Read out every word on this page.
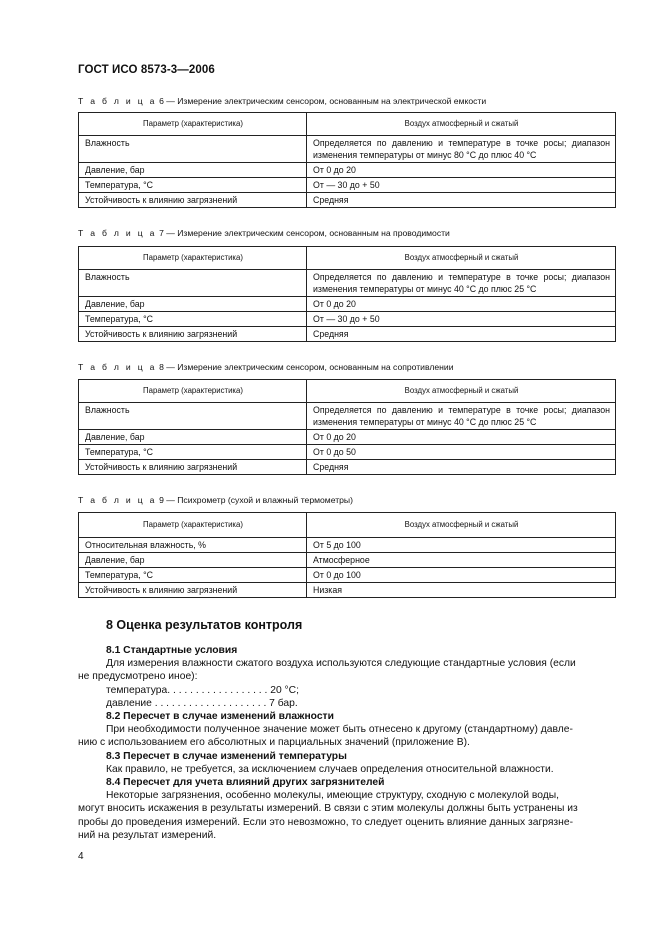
ГОСТ ИСО 8573-3—2006
Т а б л и ц а 6 — Измерение электрическим сенсором, основанным на электрической емкости
Параметр (характеристика)	Воздух атмосферный и сжатый
Влажность	Определяется по давлению и температуре в точке росы; диапазон изменения температуры от минус 80 °С до плюс 40 °С
Давление, бар	От 0 до 20
Температура, °С	От — 30 до + 50
Устойчивость к влиянию загрязнений	Средняя
Т а б л и ц а 7 — Измерение электрическим сенсором, основанным на проводимости
Параметр (характеристика)	Воздух атмосферный и сжатый
Влажность	Определяется по давлению и температуре в точке росы; диапазон изменения температуры от минус 40 °С до плюс 25 °С
Давление, бар	От 0 до 20
Температура, °С	От — 30 до + 50
Устойчивость к влиянию загрязнений	Средняя
Т а б л и ц а 8 — Измерение электрическим сенсором, основанным на сопротивлении
Параметр (характеристика)	Воздух атмосферный и сжатый
Влажность	Определяется по давлению и температуре в точке росы; диапазон изменения температуры от минус 40 °С до плюс 25 °С
Давление, бар	От 0 до 20
Температура, °С	От 0 до 50
Устойчивость к влиянию загрязнений	Средняя
Т а б л и ц а 9 — Психрометр (сухой и влажный термометры)
Параметр (характеристика)	Воздух атмосферный и сжатый
Относительная влажность, %	От 5 до 100
Давление, бар	Атмосферное
Температура, °С	От 0 до 100
Устойчивость к влиянию загрязнений	Низкая
8 Оценка результатов контроля
8.1 Стандартные условия
Для измерения влажности сжатого воздуха используются следующие стандартные условия (если
не предусмотрено иное):
температура. . . . . . . . . . . . . . . . . . 20 °С;
давление . . . . . . . . . . . . . . . . . . . . 7 бар.
8.2 Пересчет в случае изменений влажности
При необходимости полученное значение может быть отнесено к другому (стандартному) давле-
нию с использованием его абсолютных и парциальных значений (приложение В).
8.3 Пересчет в случае изменений температуры
Как правило, не требуется, за исключением случаев определения относительной влажности.
8.4 Пересчет для учета влияний других загрязнителей
Некоторые загрязнения, особенно молекулы, имеющие структуру, сходную с молекулой воды,
могут вносить искажения в результаты измерений. В связи с этим молекулы должны быть устранены из
пробы до проведения измерений. Если это невозможно, то следует оценить влияние данных загрязне-
ний на результат измерений.
4
